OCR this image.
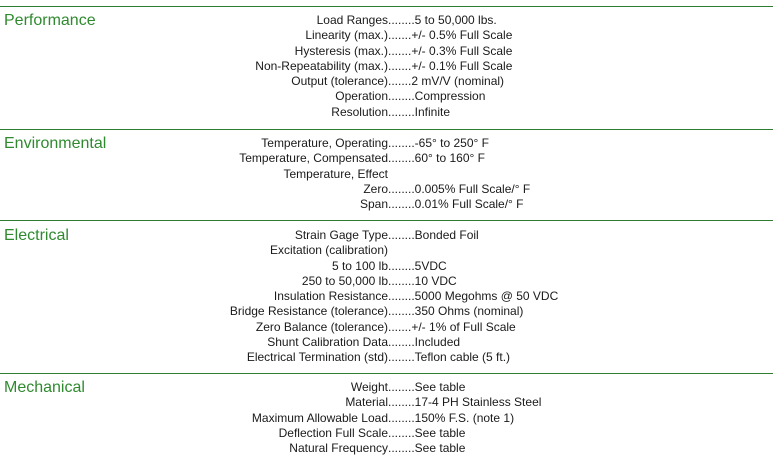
Performance	Load Ranges ........5 to 50,000 lbs.
Linearity (max.) .......+/- 0.5% Full Scale
Hysteresis (max.) .......+/- 0.3% Full Scale
Non-Repeatability (max.) .......+/- 0.1% Full Scale
Output (tolerance) .......2 mV/V (nominal)
Operation ........Compression
Resolution ........Infinite
Environmental	Temperature, Operating ........-65° to 250° F
Temperature, Compensated ........60° to 160° F
Temperature, Effect
Zero ........0.005% Full Scale/° F
Span ........0.01% Full Scale/° F
Electrical	Strain Gage Type ........Bonded Foil
Excitation (calibration)
5 to 100 lb ........5VDC
250 to 50,000 lb ........10 VDC
Insulation Resistance ........5000 Megohms @ 50 VDC
Bridge Resistance (tolerance) ........350 Ohms (nominal)
Zero Balance (tolerance) .......+/- 1% of Full Scale
Shunt Calibration Data ........Included
Electrical Termination (std) ........Teflon cable (5 ft.)
Mechanical	Weight ........See table
Material ........17-4 PH Stainless Steel
Maximum Allowable Load ........150% F.S. (note 1)
Deflection Full Scale ........See table
Natural Frequency ........See table
